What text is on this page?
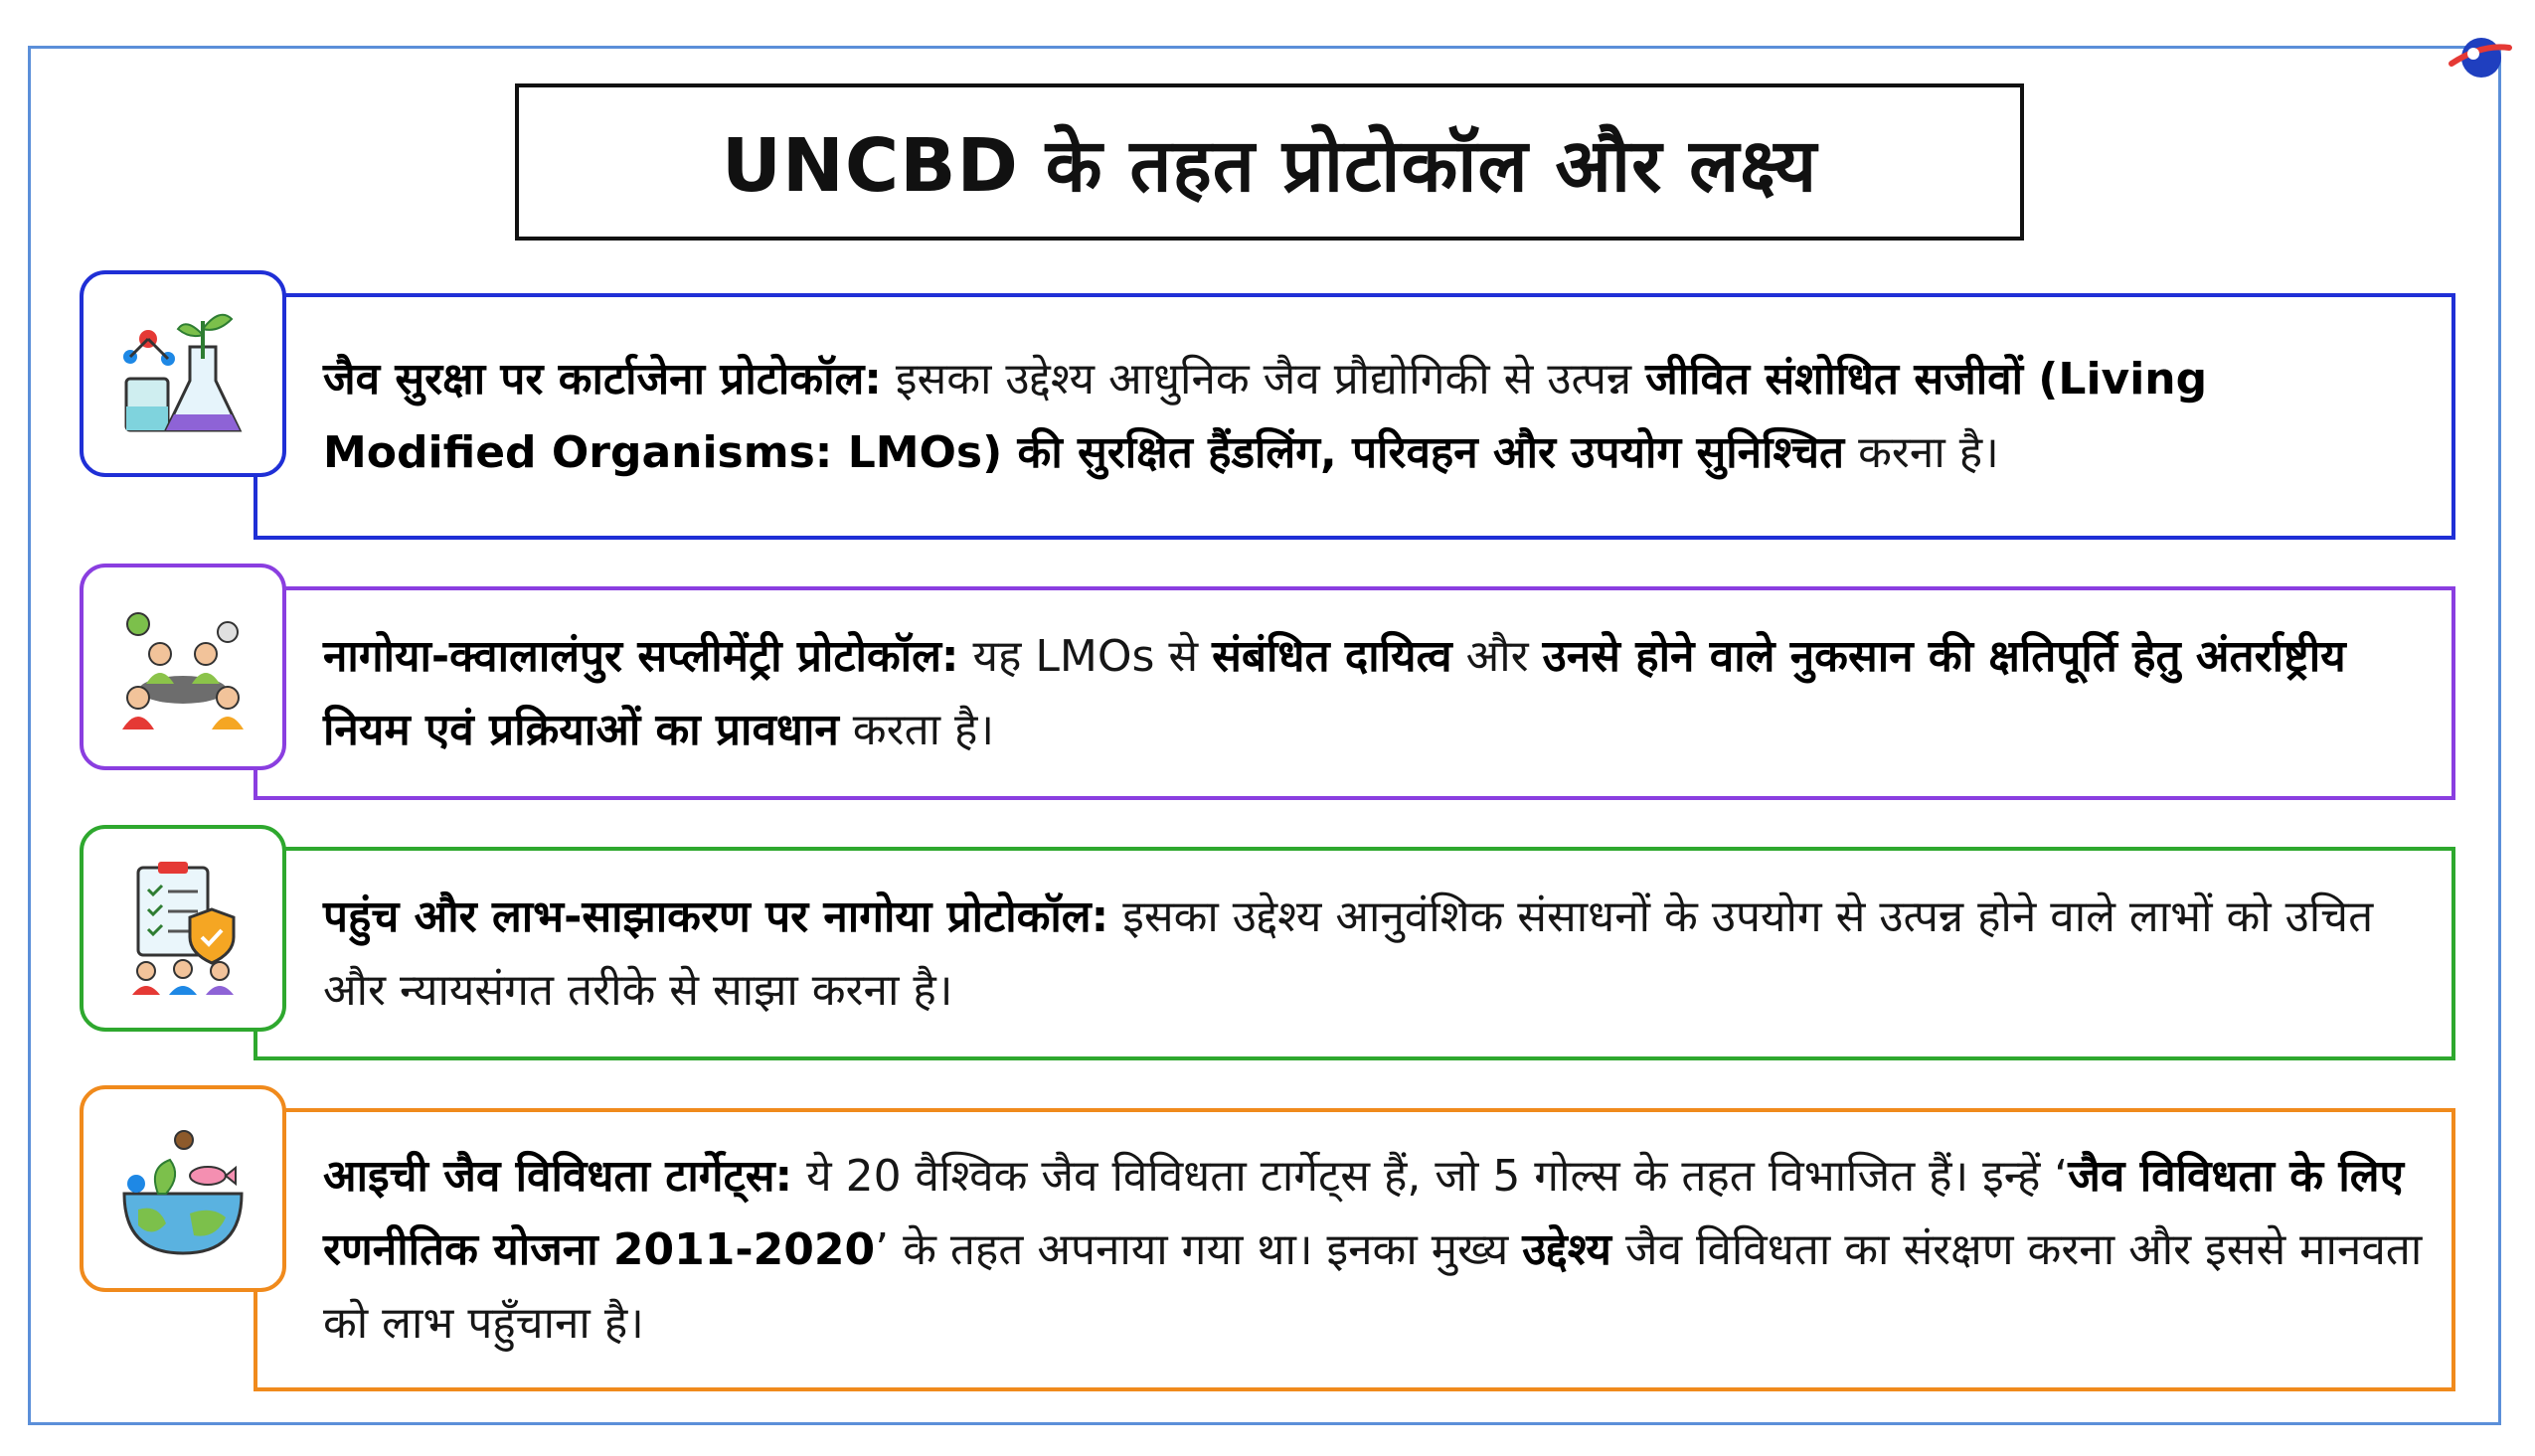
UNCBD के तहत प्रोटोकॉल और लक्ष्य

जैव सुरक्षा पर कार्टाजेना प्रोटोकॉल: इसका उद्देश्य आधुनिक जैव प्रौद्योगिकी से उत्पन्न जीवित संशोधित सजीवों (Living Modified Organisms: LMOs) की सुरक्षित हैंडलिंग, परिवहन और उपयोग सुनिश्चित करना है।

नागोया-क्वालालंपुर सप्लीमेंट्री प्रोटोकॉल: यह LMOs से संबंधित दायित्व और उनसे होने वाले नुकसान की क्षतिपूर्ति हेतु अंतर्राष्ट्रीय नियम एवं प्रक्रियाओं का प्रावधान करता है।

पहुंच और लाभ-साझाकरण पर नागोया प्रोटोकॉल: इसका उद्देश्य आनुवंशिक संसाधनों के उपयोग से उत्पन्न होने वाले लाभों को उचित और न्यायसंगत तरीके से साझा करना है।

आइची जैव विविधता टार्गेट्स: ये 20 वैश्विक जैव विविधता टार्गेट्स हैं, जो 5 गोल्स के तहत विभाजित हैं। इन्हें ‘जैव विविधता के लिए रणनीतिक योजना 2011-2020’ के तहत अपनाया गया था। इनका मुख्य उद्देश्य जैव विविधता का संरक्षण करना और इससे मानवता को लाभ पहुँचाना है।
